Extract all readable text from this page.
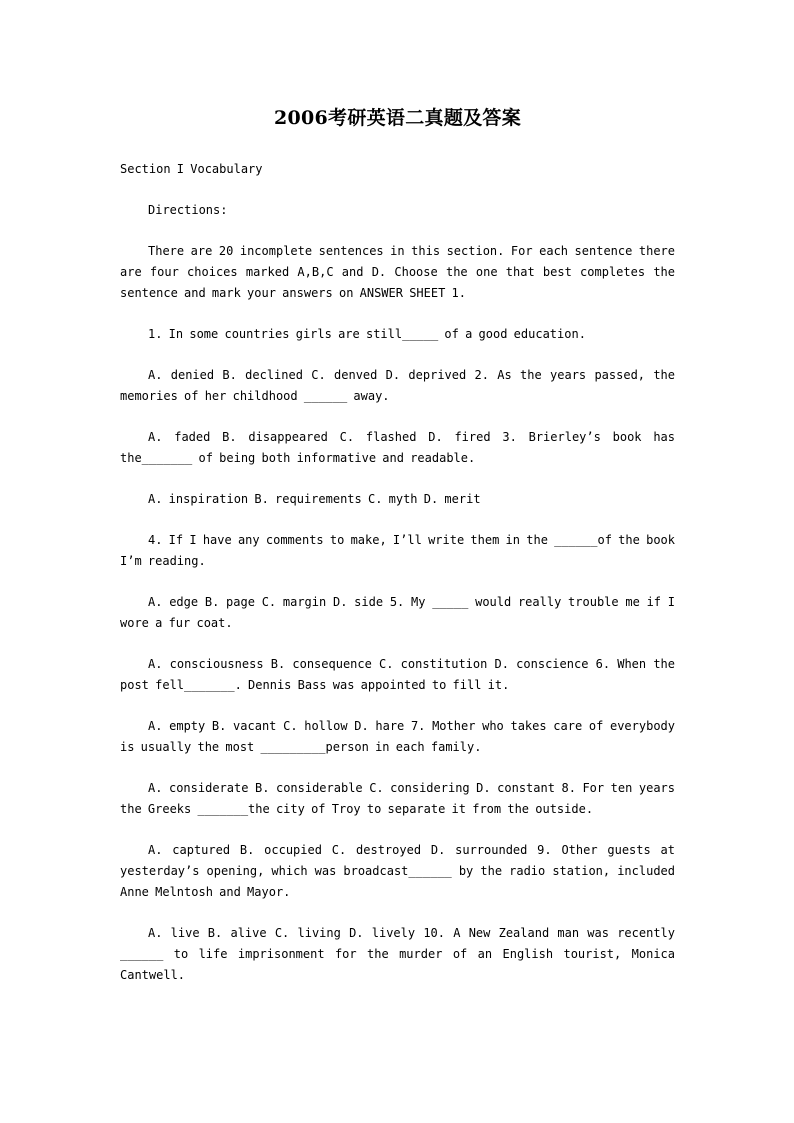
2006考研英语二真题及答案

Section I Vocabulary

Directions:

There are 20 incomplete sentences in this section. For each sentence there are four choices marked A,B,C and D. Choose the one that best completes the sentence and mark your answers on ANSWER SHEET 1.

1. In some countries girls are still_____ of a good education.

A. denied B. declined C. denved D. deprived 2. As the years passed, the memories of her childhood ______ away.

A. faded B. disappeared C. flashed D. fired 3. Brierley’s book has the_______ of being both informative and readable.

A. inspiration B. requirements C. myth D. merit

4. If I have any comments to make, I’ll write them in the ______of the book I’m reading.

A. edge B. page C. margin D. side 5. My _____ would really trouble me if I wore a fur coat.

A. consciousness B. consequence C. constitution D. conscience 6. When the post fell_______. Dennis Bass was appointed to fill it.

A. empty B. vacant C. hollow D. hare 7. Mother who takes care of everybody is usually the most _________person in each family.

A. considerate B. considerable C. considering D. constant 8. For ten years the Greeks _______the city of Troy to separate it from the outside.

A. captured B. occupied C. destroyed D. surrounded 9. Other guests at yesterday’s opening, which was broadcast______ by the radio station, included Anne Melntosh and Mayor.

A. live B. alive C. living D. lively 10. A New Zealand man was recently ______ to life imprisonment for the murder of an English tourist, Monica Cantwell.
